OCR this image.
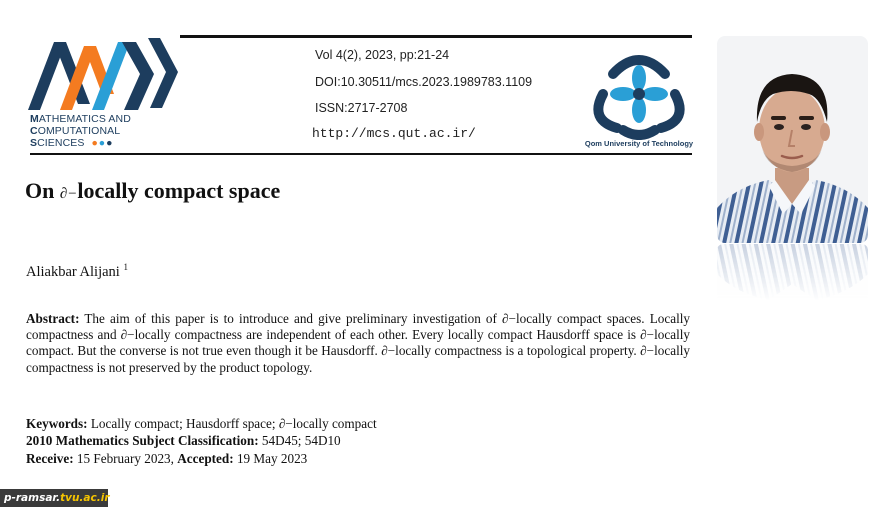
MATHEMATICS AND
COMPUTATIONAL
SCIENCES  ●●●
Vol 4(2), 2023, pp:21-24
DOI:10.30511/mcs.2023.1989783.1109
ISSN:2717-2708
http://mcs.qut.ac.ir/
Qom University of Technology
On ∂−locally compact space
Aliakbar Alijani $^1$
Abstract: The aim of this paper is to introduce and give preliminary investigation of ∂−locally compact spaces. Locally compactness and ∂−locally compactness are independent of each other. Every locally compact Hausdorff space is ∂−locally compact. But the converse is not true even though it be Hausdorff. ∂−locally compactness is a topological property. ∂−locally compactness is not preserved by the product topology.
Keywords: Locally compact; Hausdorff space; ∂−locally compact
2010 Mathematics Subject Classification: 54D45; 54D10
Receive: 15 February 2023, Accepted: 19 May 2023
p-ramsar.tvu.ac.ir
